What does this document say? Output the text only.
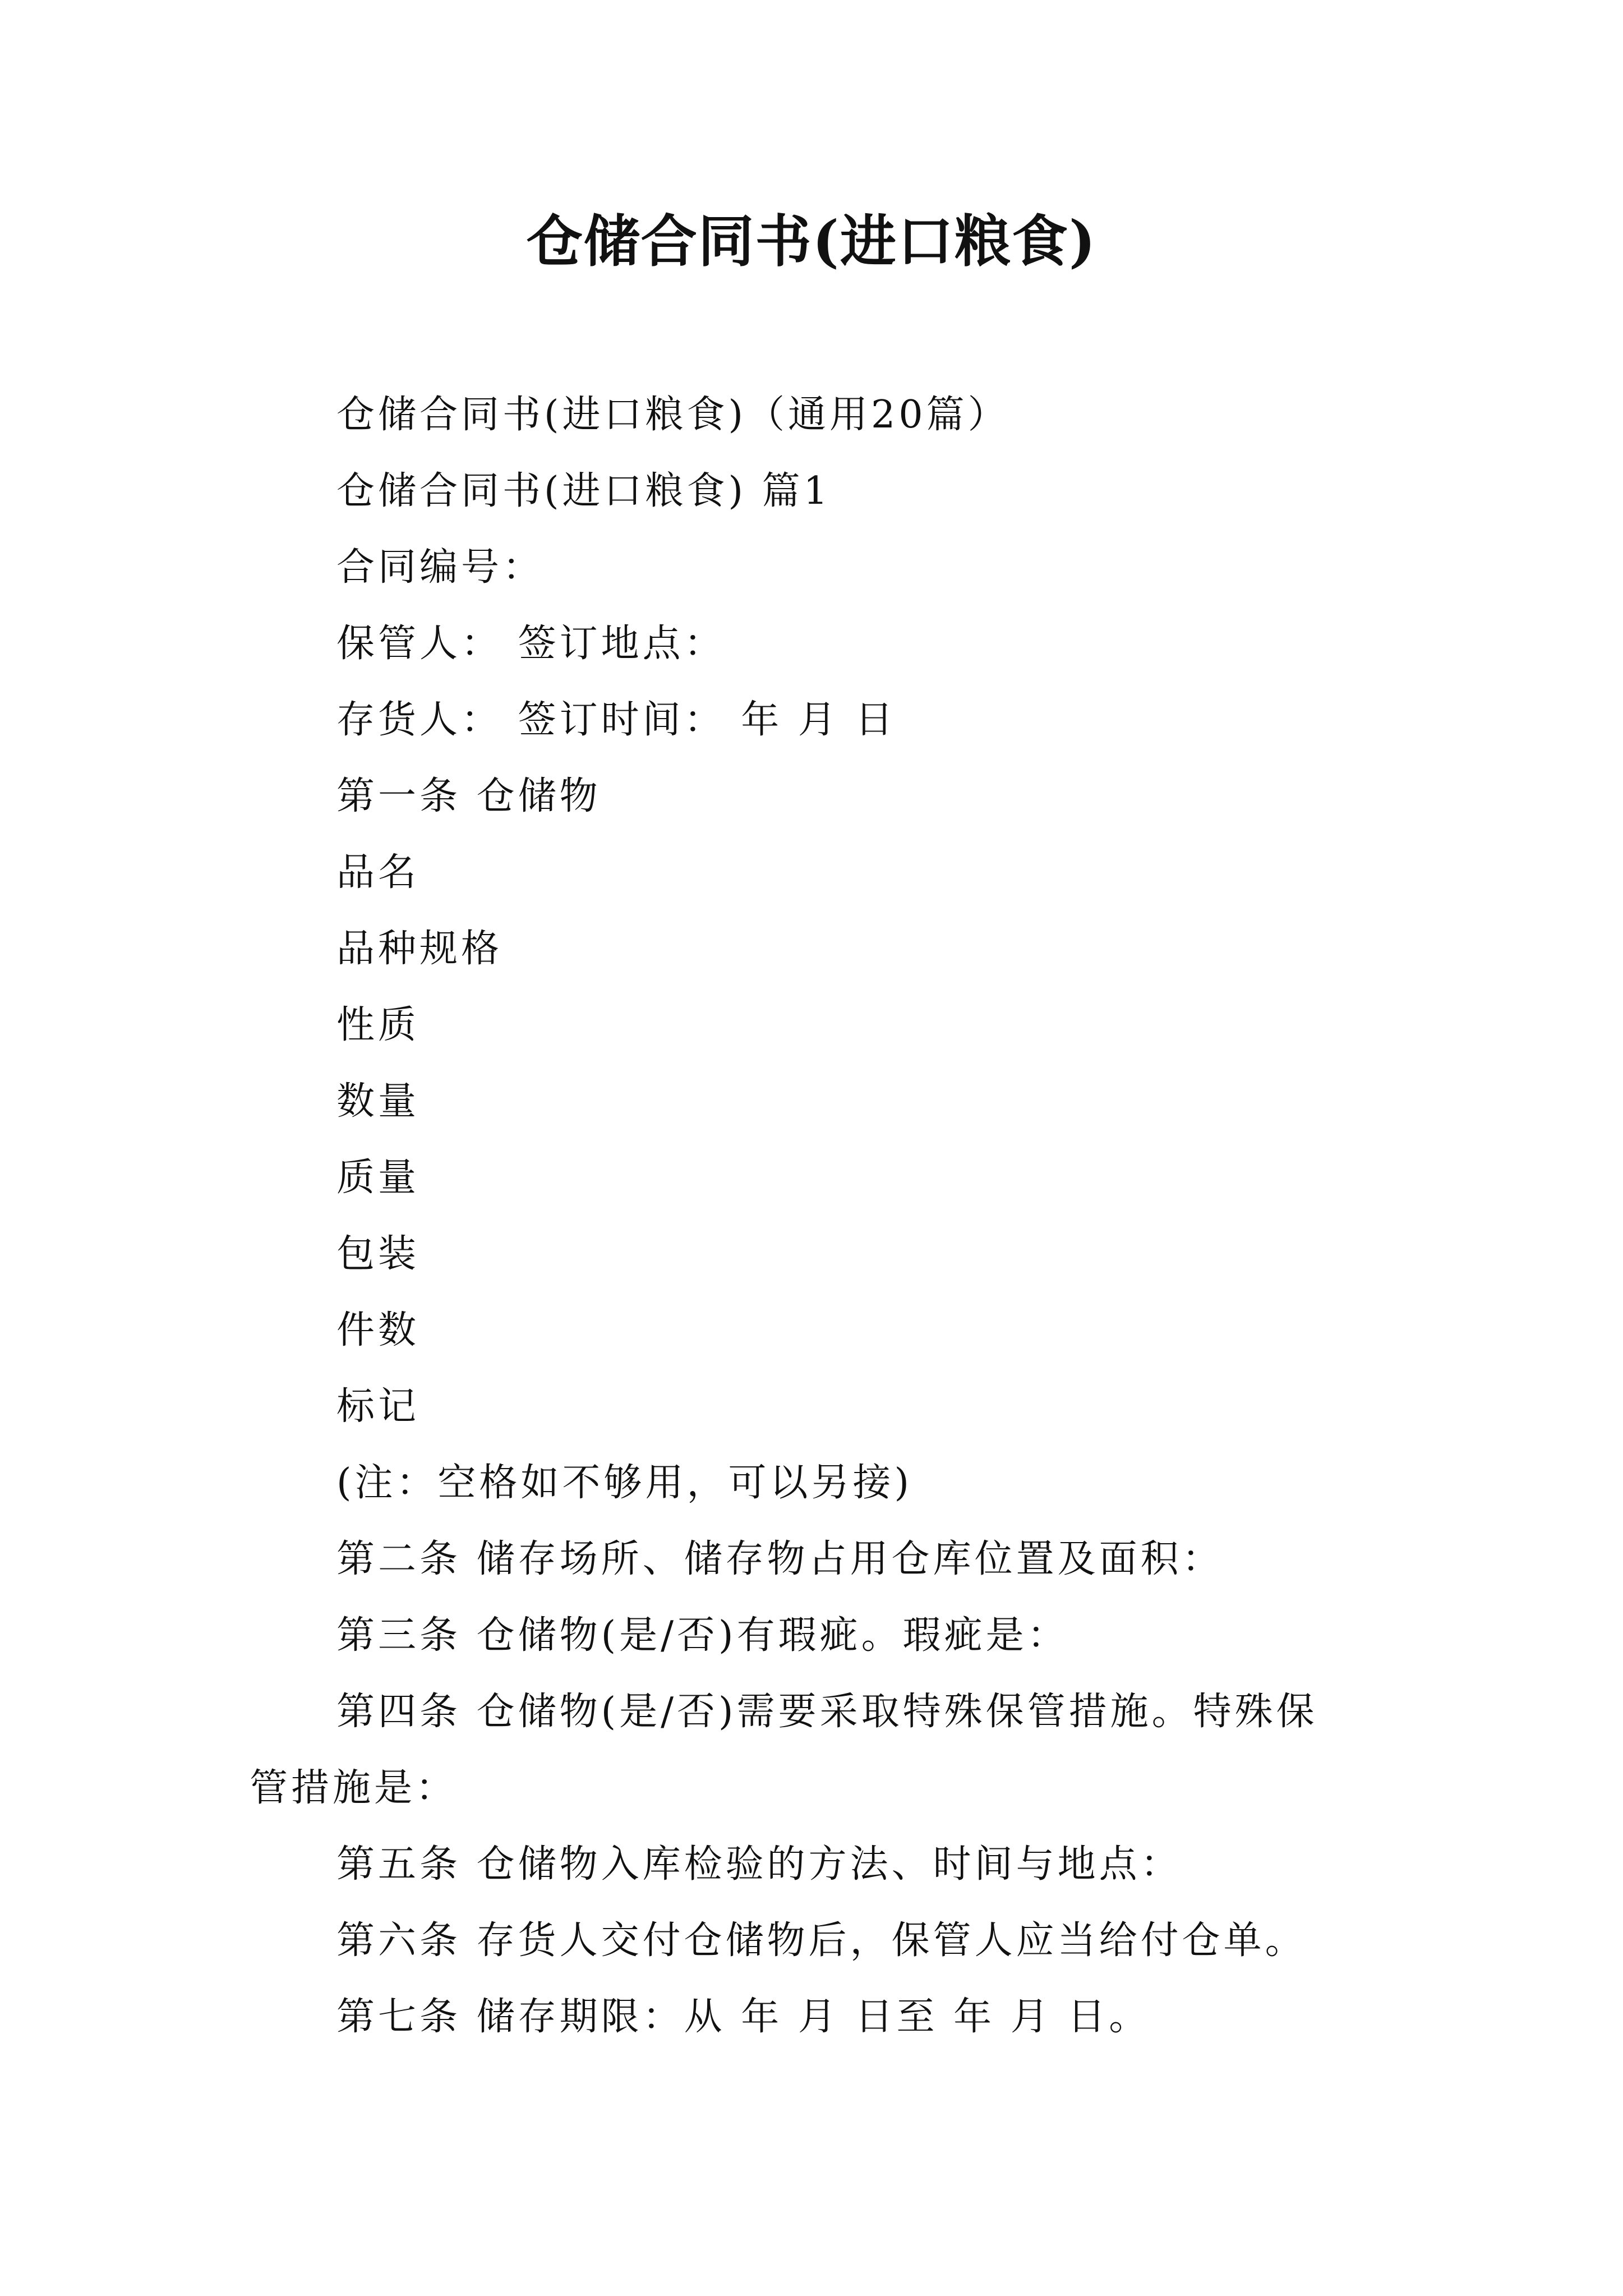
仓储合同书(进口粮食)
仓储合同书(进口粮食)（通用20篇）
仓储合同书(进口粮食) 篇1
合同编号：
保管人： 签订地点：
存货人： 签订时间： 年 月 日
第一条 仓储物
品名
品种规格
性质
数量
质量
包装
件数
标记
(注：空格如不够用，可以另接)
第二条 储存场所、储存物占用仓库位置及面积：
第三条 仓储物(是/否)有瑕疵。瑕疵是：
第四条 仓储物(是/否)需要采取特殊保管措施。特殊保
管措施是：
第五条 仓储物入库检验的方法、时间与地点：
第六条 存货人交付仓储物后，保管人应当给付仓单。
第七条 储存期限：从 年 月 日至 年 月 日。
